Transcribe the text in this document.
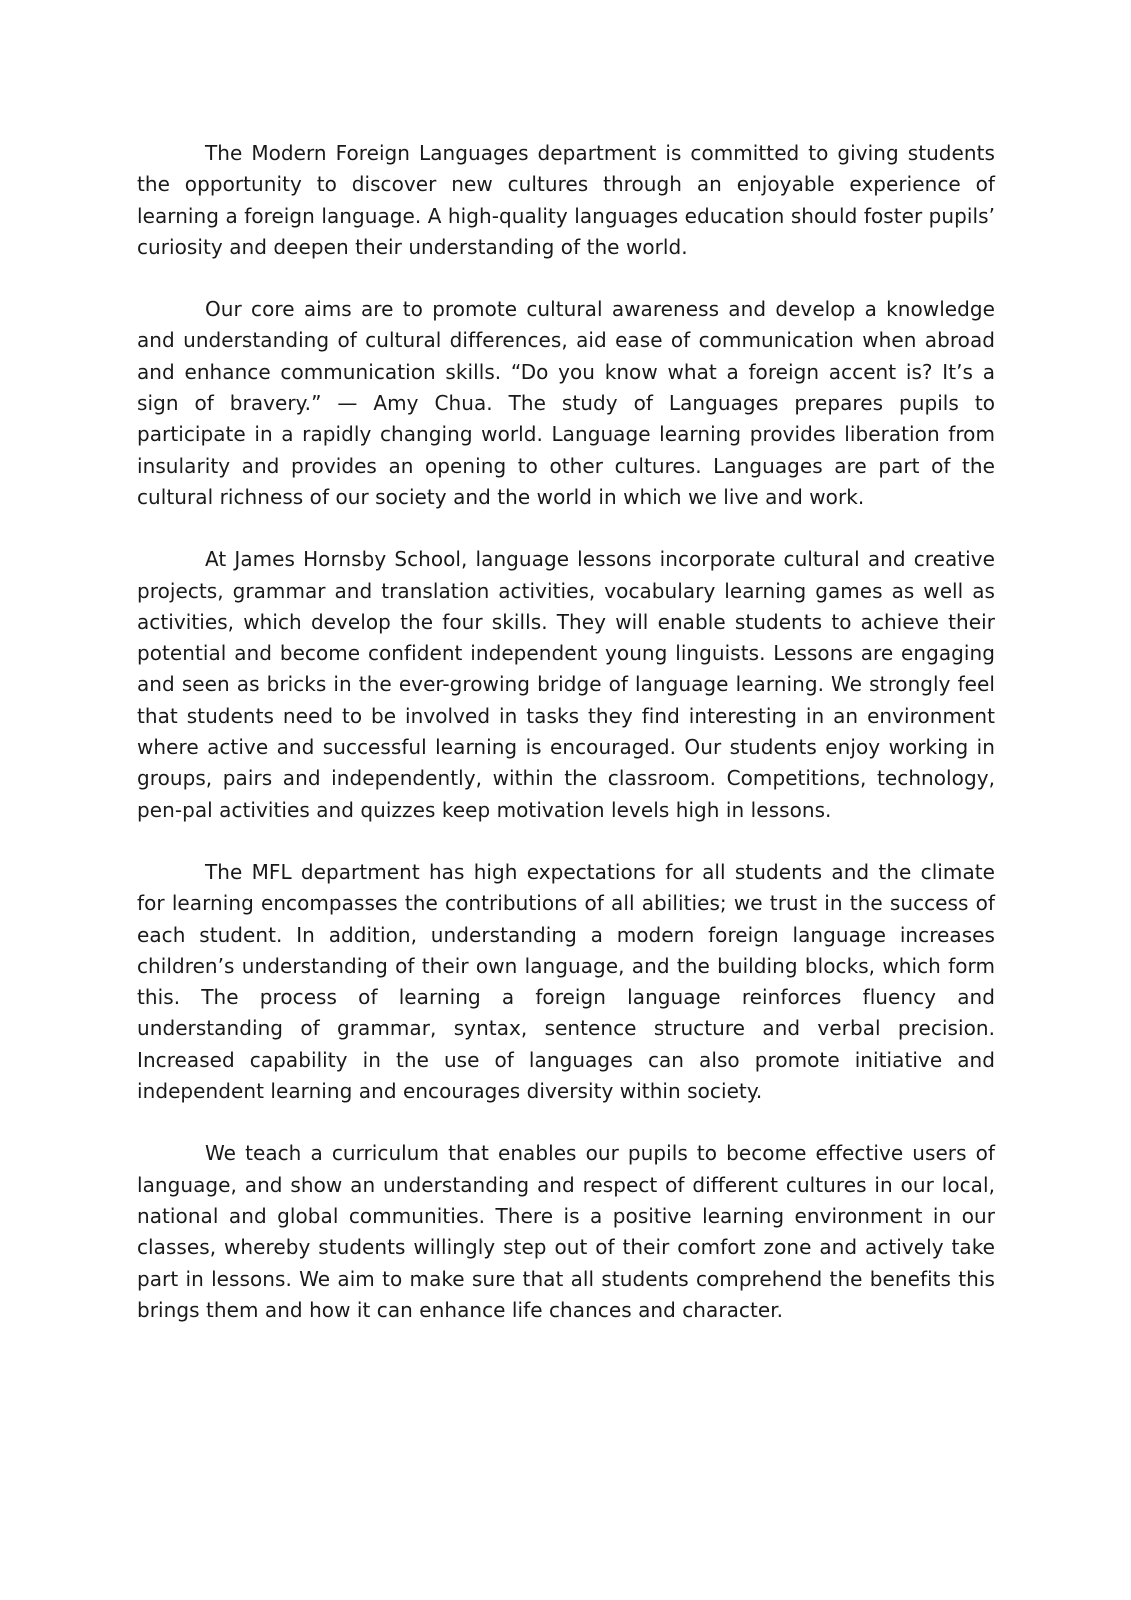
The Modern Foreign Languages department is committed to giving students the opportunity to discover new cultures through an enjoyable experience of learning a foreign language. A high-quality languages education should foster pupils’ curiosity and deepen their understanding of the world.

Our core aims are to promote cultural awareness and develop a knowledge and understanding of cultural differences, aid ease of communication when abroad and enhance communication skills. “Do you know what a foreign accent is? It’s a sign of bravery.” — Amy Chua. The study of Languages prepares pupils to participate in a rapidly changing world. Language learning provides liberation from insularity and provides an opening to other cultures. Languages are part of the cultural richness of our society and the world in which we live and work.

At James Hornsby School, language lessons incorporate cultural and creative projects, grammar and translation activities, vocabulary learning games as well as activities, which develop the four skills. They will enable students to achieve their potential and become confident independent young linguists. Lessons are engaging and seen as bricks in the ever-growing bridge of language learning. We strongly feel that students need to be involved in tasks they find interesting in an environment where active and successful learning is encouraged. Our students enjoy working in groups, pairs and independently, within the classroom. Competitions, technology, pen-pal activities and quizzes keep motivation levels high in lessons.

The MFL department has high expectations for all students and the climate for learning encompasses the contributions of all abilities; we trust in the success of each student. In addition, understanding a modern foreign language increases children’s understanding of their own language, and the building blocks, which form this. The process of learning a foreign language reinforces fluency and understanding of grammar, syntax, sentence structure and verbal precision. Increased capability in the use of languages can also promote initiative and independent learning and encourages diversity within society.

We teach a curriculum that enables our pupils to become effective users of language, and show an understanding and respect of different cultures in our local, national and global communities. There is a positive learning environment in our classes, whereby students willingly step out of their comfort zone and actively take part in lessons. We aim to make sure that all students comprehend the benefits this brings them and how it can enhance life chances and character.
